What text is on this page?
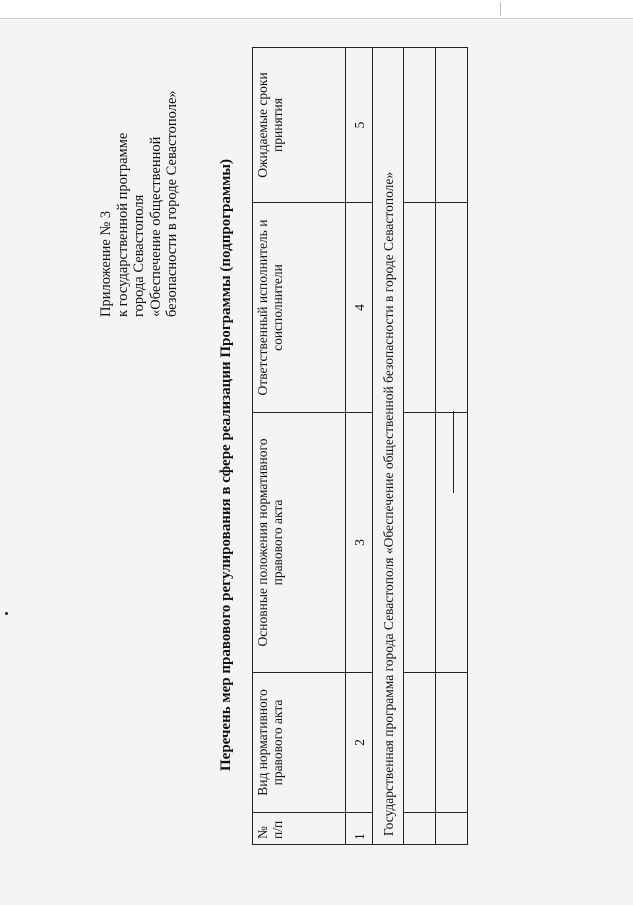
Приложение № 3 к государственной программе города Севастополя «Обеспечение общественной безопасности в городе Севастополе»	Перечень мер правового регулирования в сфере реализации Программы (подпрограммы)
№ п/п	Вид нормативного правового акта	Основные положения нормативного правового акта	Ответственный исполнитель и соисполнители	Ожидаемые сроки принятия
1	2	3	4	5
Государственная программа города Севастополя «Обеспечение общественной безопасности в городе Севастополе»				
